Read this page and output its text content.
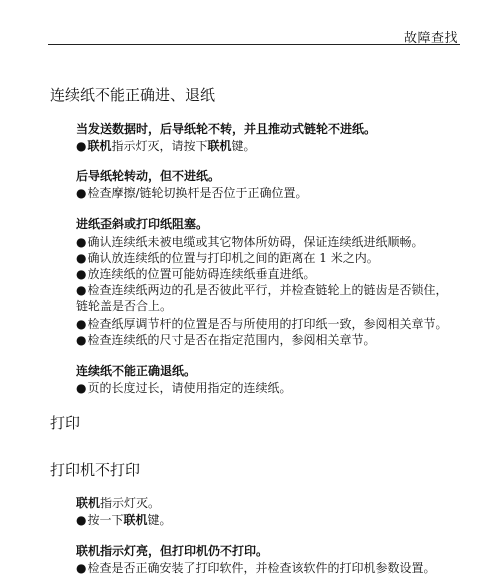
故障查找
连续纸不能正确进、退纸
当发送数据时，后导纸轮不转，并且推动式链轮不进纸。
●联机指示灯灭，请按下联机键。
后导纸轮转动，但不进纸。
●检查摩擦/链轮切换杆是否位于正确位置。
进纸歪斜或打印纸阻塞。
●确认连续纸未被电缆或其它物体所妨碍，保证连续纸进纸顺畅。
●确认放连续纸的位置与打印机之间的距离在 1 米之内。
●放连续纸的位置可能妨碍连续纸垂直进纸。
●检查连续纸两边的孔是否彼此平行，并检查链轮上的链齿是否锁住，
链轮盖是否合上。
●检查纸厚调节杆的位置是否与所使用的打印纸一致，参阅相关章节。
●检查连续纸的尺寸是否在指定范围内，参阅相关章节。
连续纸不能正确退纸。
●页的长度过长，请使用指定的连续纸。
打印
打印机不打印
联机指示灯灭。
●按一下联机键。
联机指示灯亮，但打印机仍不打印。
●检查是否正确安装了打印软件，并检查该软件的打印机参数设置。
